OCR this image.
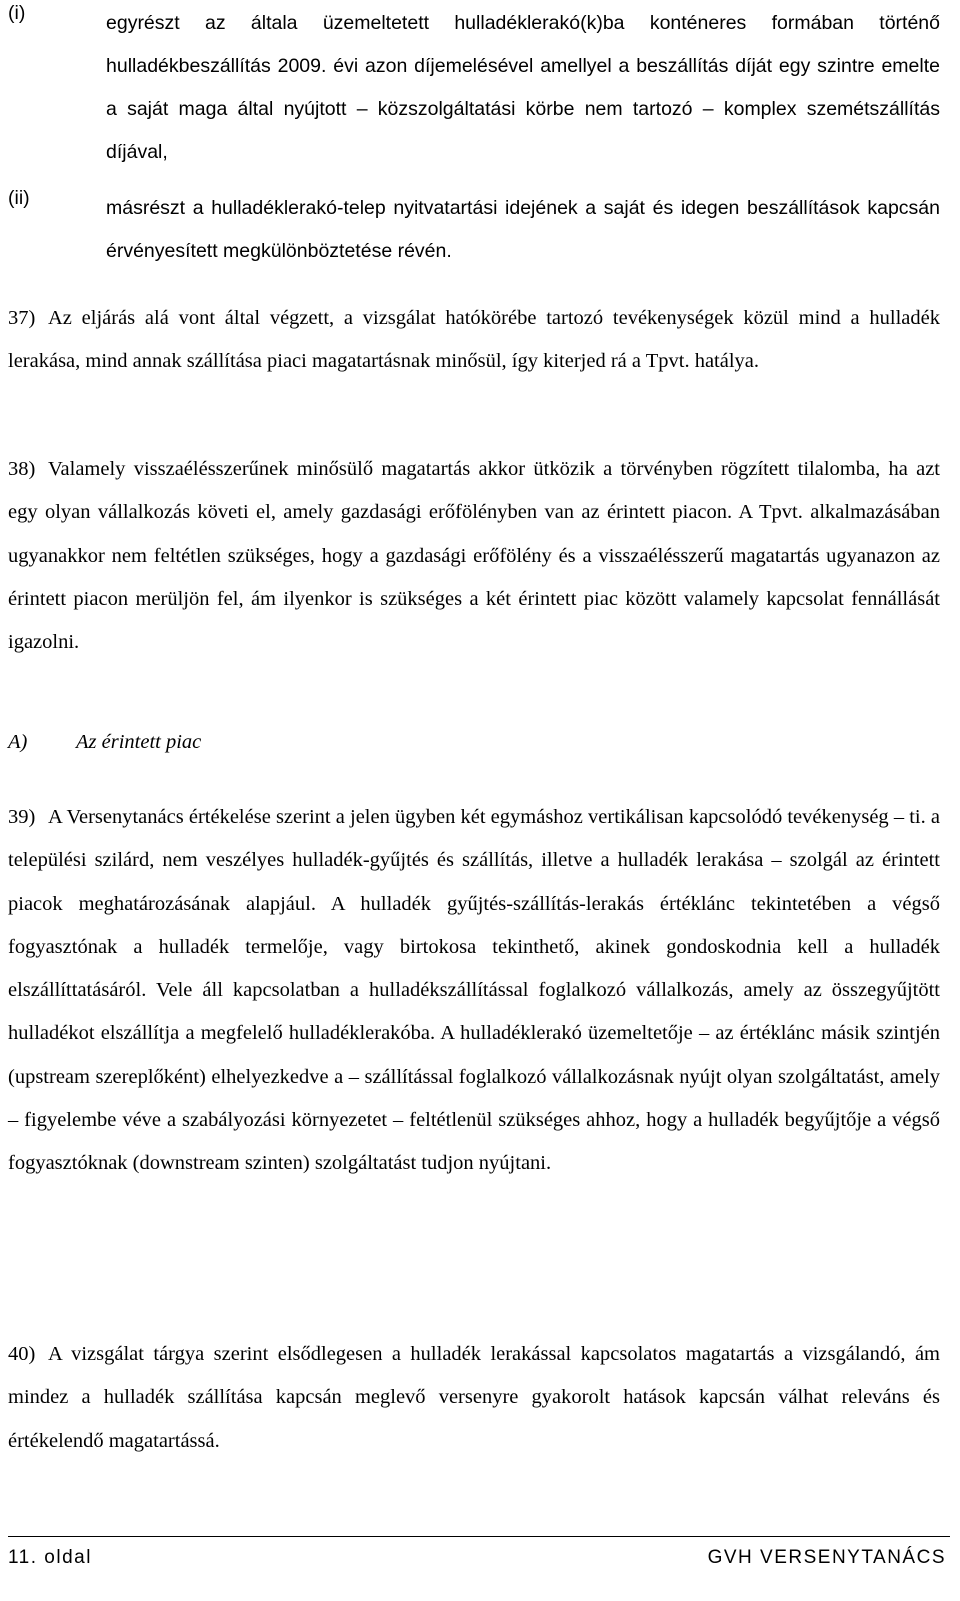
(i)	egyrészt az általa üzemeltetett hulladéklerakó(k)ba konténeres formában történő hulladékbeszállítás 2009. évi azon díjemelésével amellyel a beszállítás díját egy szintre emelte a saját maga által nyújtott – közszolgáltatási körbe nem tartozó – komplex szemétszállítás díjával,
(ii)	másrészt a hulladéklerakó-telep nyitvatartási idejének a saját és idegen beszállítások kapcsán érvényesített megkülönböztetése révén.
37) Az eljárás alá vont által végzett, a vizsgálat hatókörébe tartozó tevékenységek közül mind a hulladék lerakása, mind annak szállítása piaci magatartásnak minősül, így kiterjed rá a Tpvt. hatálya.
38) Valamely visszaélésszerűnek minősülő magatartás akkor ütközik a törvényben rögzített tilalomba, ha azt egy olyan vállalkozás követi el, amely gazdasági erőfölényben van az érintett piacon. A Tpvt. alkalmazásában ugyanakkor nem feltétlen szükséges, hogy a gazdasági erőfölény és a visszaélésszerű magatartás ugyanazon az érintett piacon merüljön fel, ám ilyenkor is szükséges a két érintett piac között valamely kapcsolat fennállását igazolni.
A) Az érintett piac
39) A Versenytanács értékelése szerint a jelen ügyben két egymáshoz vertikálisan kapcsolódó tevékenység – ti. a települési szilárd, nem veszélyes hulladék-gyűjtés és szállítás, illetve a hulladék lerakása – szolgál az érintett piacok meghatározásának alapjául. A hulladék gyűjtés-szállítás-lerakás értéklánc tekintetében a végső fogyasztónak a hulladék termelője, vagy birtokosa tekinthető, akinek gondoskodnia kell a hulladék elszállíttatásáról. Vele áll kapcsolatban a hulladékszállítással foglalkozó vállalkozás, amely az összegyűjtött hulladékot elszállítja a megfelelő hulladéklerakóba. A hulladéklerakó üzemeltetője – az értéklánc másik szintjén (upstream szereplőként) elhelyezkedve a – szállítással foglalkozó vállalkozásnak nyújt olyan szolgáltatást, amely – figyelembe véve a szabályozási környezetet – feltétlenül szükséges ahhoz, hogy a hulladék begyűjtője a végső fogyasztóknak (downstream szinten) szolgáltatást tudjon nyújtani.
40) A vizsgálat tárgya szerint elsődlegesen a hulladék lerakással kapcsolatos magatartás a vizsgálandó, ám mindez a hulladék szállítása kapcsán meglevő versenyre gyakorolt hatások kapcsán válhat releváns és értékelendő magatartássá.
11. oldal	GVH VERSENYTANÁCS
